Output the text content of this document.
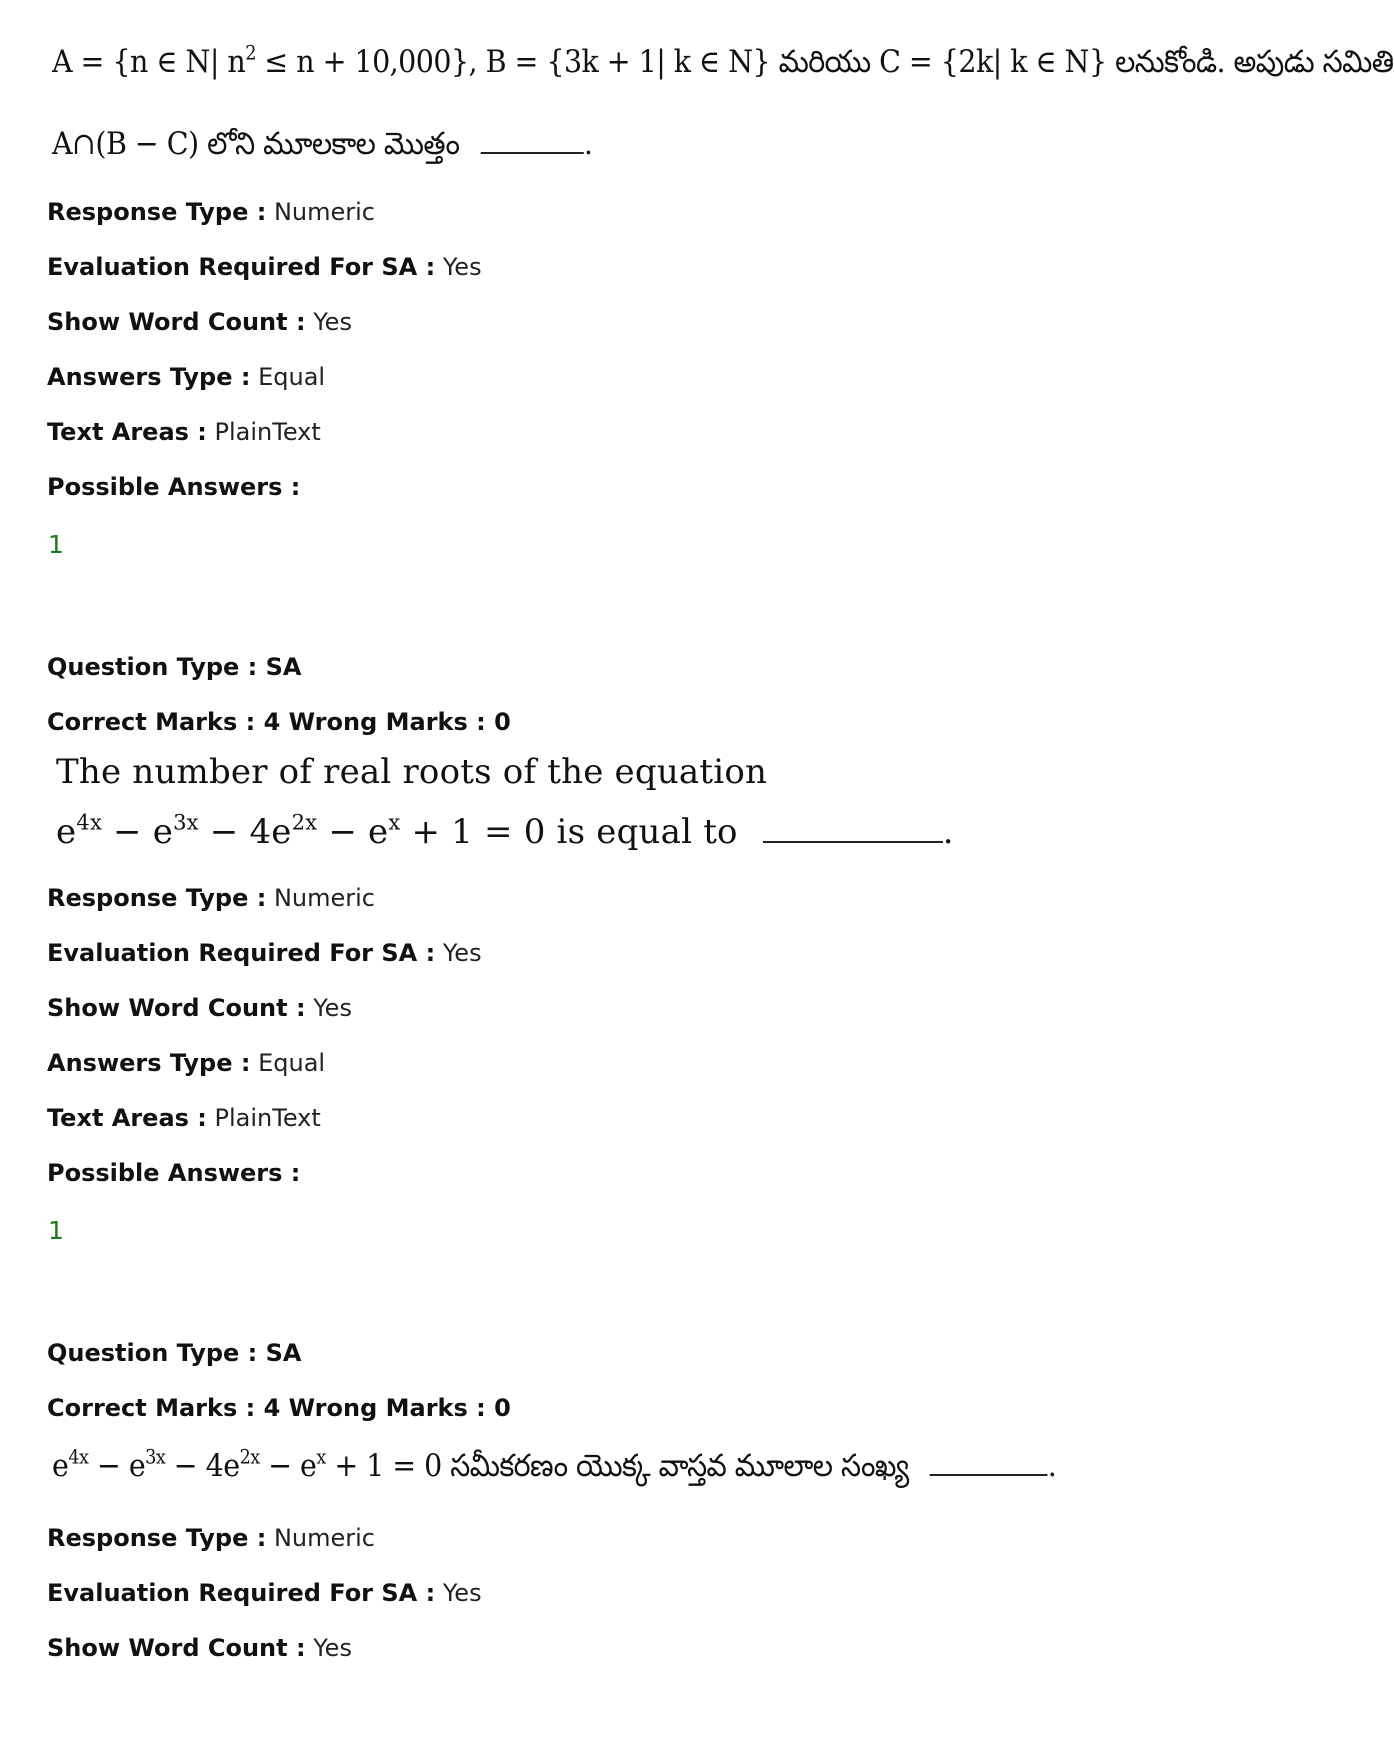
A = {n ∈ N| $n^2 \le n + 10,000$}, B = {3k + 1| k ∈ N} మరియు C = {2k| k ∈ N} లనుకోండి. అపుడు సమితి
A∩(B − C) లోని మూలకాల మొత్తం	.
Response Type : Numeric
Evaluation Required For SA : Yes
Show Word Count : Yes
Answers Type : Equal
Text Areas : PlainText
Possible Answers :
1
Question Type : SA
Correct Marks : 4 Wrong Marks : 0
The number of real roots of the equation
$e^{4x} - e^{3x} - 4e^{2x} - e^x + 1 = 0$ is equal to	.
Response Type : Numeric
Evaluation Required For SA : Yes
Show Word Count : Yes
Answers Type : Equal
Text Areas : PlainText
Possible Answers :
1
Question Type : SA
Correct Marks : 4 Wrong Marks : 0
$e^{4x} - e^{3x} - 4e^{2x} - e^x + 1 = 0$ సమీకరణం యొక్క వాస్తవ మూలాల సంఖ్య	.
Response Type : Numeric
Evaluation Required For SA : Yes
Show Word Count : Yes
